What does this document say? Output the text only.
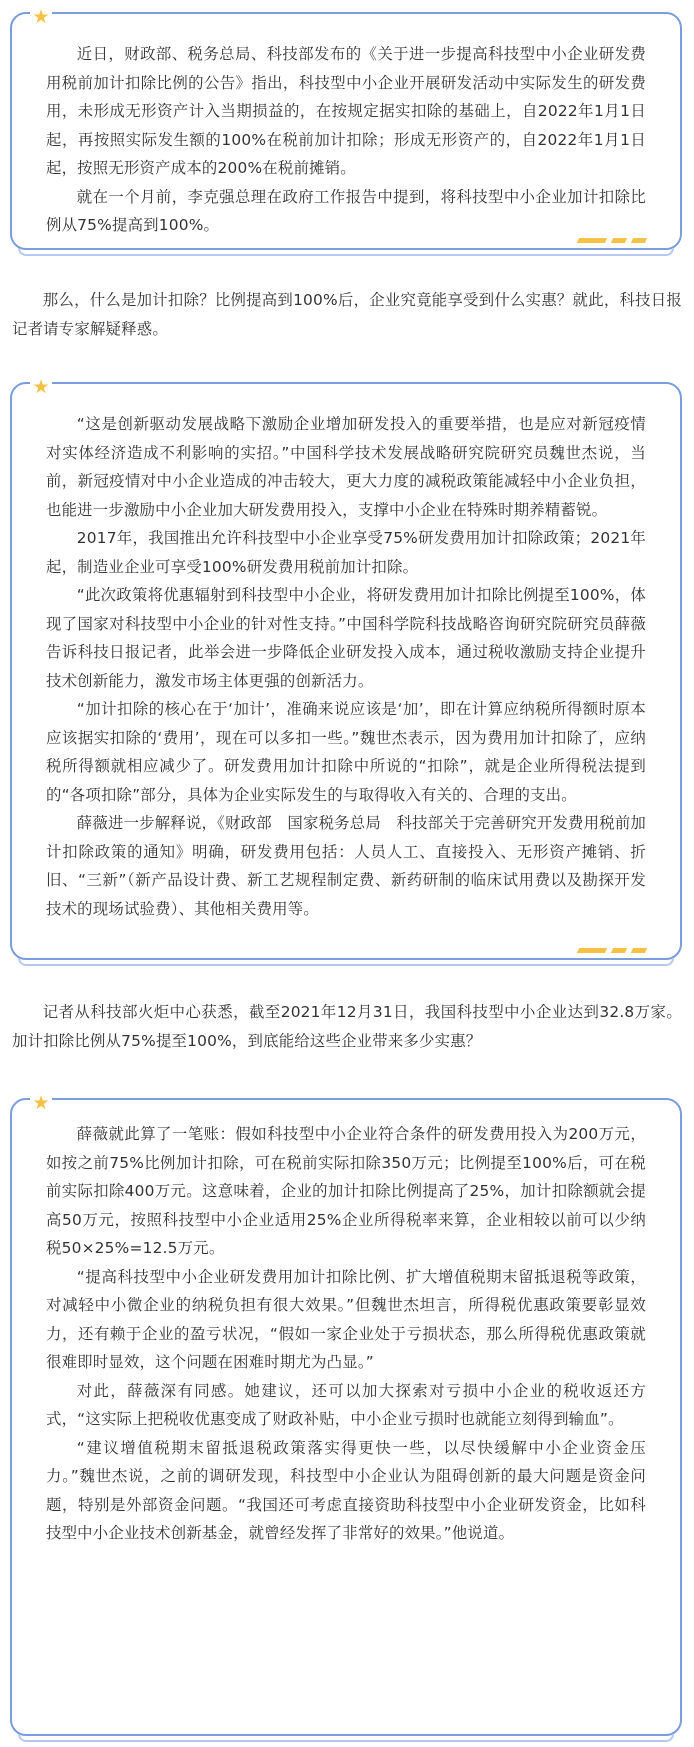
★

近日，财政部、税务总局、科技部发布的《关于进一步提高科技型中小企业研发费用税前加计扣除比例的公告》指出，科技型中小企业开展研发活动中实际发生的研发费用，未形成无形资产计入当期损益的，在按规定据实扣除的基础上，自2022年1月1日起，再按照实际发生额的100%在税前加计扣除；形成无形资产的，自2022年1月1日起，按照无形资产成本的200%在税前摊销。

就在一个月前，李克强总理在政府工作报告中提到，将科技型中小企业加计扣除比例从75%提高到100%。

那么，什么是加计扣除？比例提高到100%后，企业究竟能享受到什么实惠？就此，科技日报记者请专家解疑释惑。

★

“这是创新驱动发展战略下激励企业增加研发投入的重要举措，也是应对新冠疫情对实体经济造成不利影响的实招。”中国科学技术发展战略研究院研究员魏世杰说，当前，新冠疫情对中小企业造成的冲击较大，更大力度的减税政策能减轻中小企业负担，也能进一步激励中小企业加大研发费用投入，支撑中小企业在特殊时期养精蓄锐。

2017年，我国推出允许科技型中小企业享受75%研发费用加计扣除政策；2021年起，制造业企业可享受100%研发费用税前加计扣除。

“此次政策将优惠辐射到科技型中小企业，将研发费用加计扣除比例提至100%，体现了国家对科技型中小企业的针对性支持。”中国科学院科技战略咨询研究院研究员薛薇告诉科技日报记者，此举会进一步降低企业研发投入成本，通过税收激励支持企业提升技术创新能力，激发市场主体更强的创新活力。

“加计扣除的核心在于‘加计’，准确来说应该是‘加’，即在计算应纳税所得额时原本应该据实扣除的‘费用’，现在可以多扣一些。”魏世杰表示，因为费用加计扣除了，应纳税所得额就相应减少了。研发费用加计扣除中所说的“扣除”，就是企业所得税法提到的“各项扣除”部分，具体为企业实际发生的与取得收入有关的、合理的支出。

薛薇进一步解释说，《财政部　国家税务总局　科技部关于完善研究开发费用税前加计扣除政策的通知》明确，研发费用包括：人员人工、直接投入、无形资产摊销、折旧、“三新”（新产品设计费、新工艺规程制定费、新药研制的临床试用费以及勘探开发技术的现场试验费）、其他相关费用等。

记者从科技部火炬中心获悉，截至2021年12月31日，我国科技型中小企业达到32.8万家。加计扣除比例从75%提至100%，到底能给这些企业带来多少实惠？

★

薛薇就此算了一笔账：假如科技型中小企业符合条件的研发费用投入为200万元，如按之前75%比例加计扣除，可在税前实际扣除350万元；比例提至100%后，可在税前实际扣除400万元。这意味着，企业的加计扣除比例提高了25%，加计扣除额就会提高50万元，按照科技型中小企业适用25%企业所得税率来算，企业相较以前可以少纳税50×25%=12.5万元。

“提高科技型中小企业研发费用加计扣除比例、扩大增值税期末留抵退税等政策，对减轻中小微企业的纳税负担有很大效果。”但魏世杰坦言，所得税优惠政策要彰显效力，还有赖于企业的盈亏状况，“假如一家企业处于亏损状态，那么所得税优惠政策就很难即时显效，这个问题在困难时期尤为凸显。”

对此，薛薇深有同感。她建议，还可以加大探索对亏损中小企业的税收返还方式，“这实际上把税收优惠变成了财政补贴，中小企业亏损时也就能立刻得到输血”。

“建议增值税期末留抵退税政策落实得更快一些，以尽快缓解中小企业资金压力。”魏世杰说，之前的调研发现，科技型中小企业认为阻碍创新的最大问题是资金问题，特别是外部资金问题。“我国还可考虑直接资助科技型中小企业研发资金，比如科技型中小企业技术创新基金，就曾经发挥了非常好的效果。”他说道。
